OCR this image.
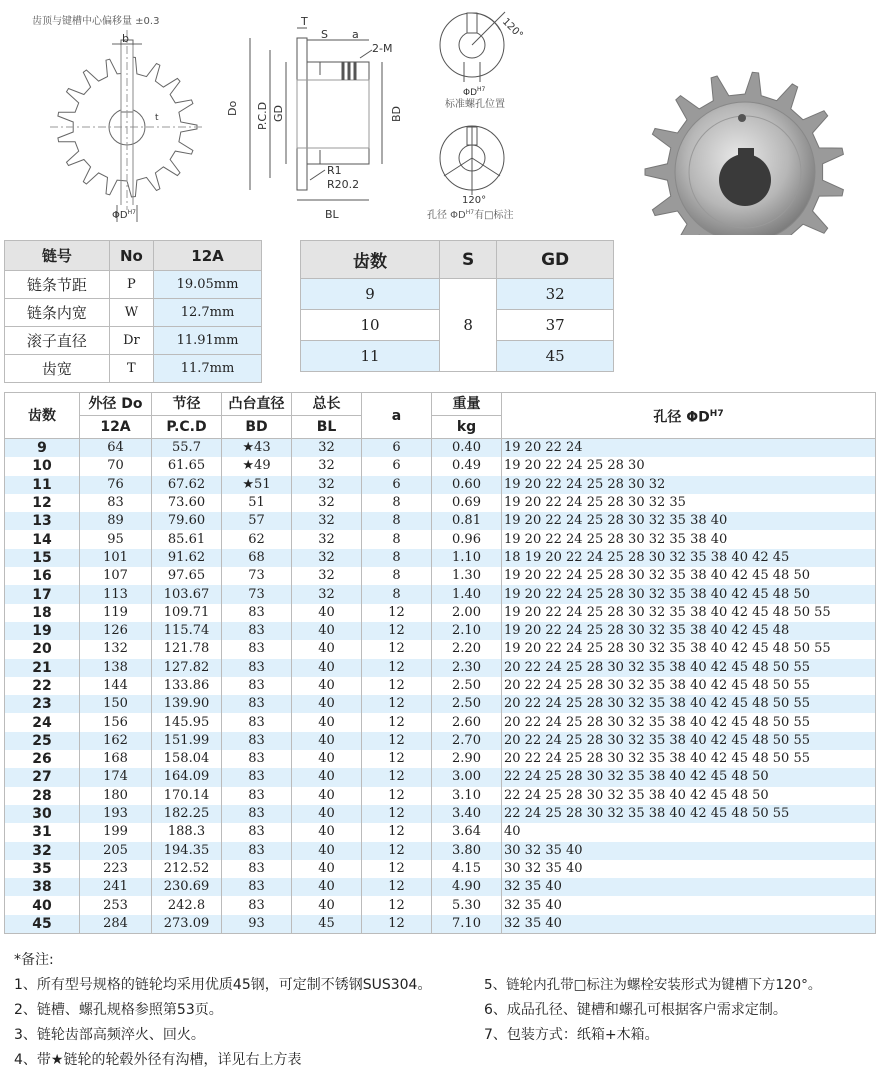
齿顶与键槽中心偏移量 ±0.3
b
t
$\Phi D^{H7}$
T
S a
2-M
Do P.C.D GD	BD
R1
R20.2
BL
120°
$\Phi D^{H7}$
标准螺孔位置
120°
孔径 $\Phi D^{H7}$有□标注
链号	No	12A
链条节距	P	19.05mm
链条内宽	W	12.7mm
滚子直径	Dr	11.91mm
齿宽	T	11.7mm
齿数	S	GD
9	8	32
10		37
11		45
齿数	外径 Do	节径	凸台直径	总长	a	重量	孔径 $\Phi D^{H7}$
	12A	P.C.D	BD	BL		kg	
9	64	55.7	★43	32	6	0.40	19 20 22 24
10	70	61.65	★49	32	6	0.49	19 20 22 24 25 28 30
11	76	67.62	★51	32	6	0.60	19 20 22 24 25 28 30 32
12	83	73.60	51	32	8	0.69	19 20 22 24 25 28 30 32 35
13	89	79.60	57	32	8	0.81	19 20 22 24 25 28 30 32 35 38 40
14	95	85.61	62	32	8	0.96	19 20 22 24 25 28 30 32 35 38 40
15	101	91.62	68	32	8	1.10	18 19 20 22 24 25 28 30 32 35 38 40 42 45
16	107	97.65	73	32	8	1.30	19 20 22 24 25 28 30 32 35 38 40 42 45 48 50
17	113	103.67	73	32	8	1.40	19 20 22 24 25 28 30 32 35 38 40 42 45 48 50
18	119	109.71	83	40	12	2.00	19 20 22 24 25 28 30 32 35 38 40 42 45 48 50 55
19	126	115.74	83	40	12	2.10	19 20 22 24 25 28 30 32 35 38 40 42 45 48
20	132	121.78	83	40	12	2.20	19 20 22 24 25 28 30 32 35 38 40 42 45 48 50 55
21	138	127.82	83	40	12	2.30	20 22 24 25 28 30 32 35 38 40 42 45 48 50 55
22	144	133.86	83	40	12	2.50	20 22 24 25 28 30 32 35 38 40 42 45 48 50 55
23	150	139.90	83	40	12	2.50	20 22 24 25 28 30 32 35 38 40 42 45 48 50 55
24	156	145.95	83	40	12	2.60	20 22 24 25 28 30 32 35 38 40 42 45 48 50 55
25	162	151.99	83	40	12	2.70	20 22 24 25 28 30 32 35 38 40 42 45 48 50 55
26	168	158.04	83	40	12	2.90	20 22 24 25 28 30 32 35 38 40 42 45 48 50 55
27	174	164.09	83	40	12	3.00	22 24 25 28 30 32 35 38 40 42 45 48 50
28	180	170.14	83	40	12	3.10	22 24 25 28 30 32 35 38 40 42 45 48 50
30	193	182.25	83	40	12	3.40	22 24 25 28 30 32 35 38 40 42 45 48 50 55
31	199	188.3	83	40	12	3.64	40
32	205	194.35	83	40	12	3.80	30 32 35 40
35	223	212.52	83	40	12	4.15	30 32 35 40
38	241	230.69	83	40	12	4.90	32 35 40
40	253	242.8	83	40	12	5.30	32 35 40
45	284	273.09	93	45	12	7.10	32 35 40
*备注:
1、所有型号规格的链轮均采用优质45钢，可定制不锈钢SUS304。
2、链槽、螺孔规格参照第53页。
3、链轮齿部高频淬火、回火。
4、带★链轮的轮毂外径有沟槽，详见右上方表
5、链轮内孔带□标注为螺栓安装形式为键槽下方120°。
6、成品孔径、键槽和螺孔可根据客户需求定制。
7、包装方式：纸箱+木箱。
